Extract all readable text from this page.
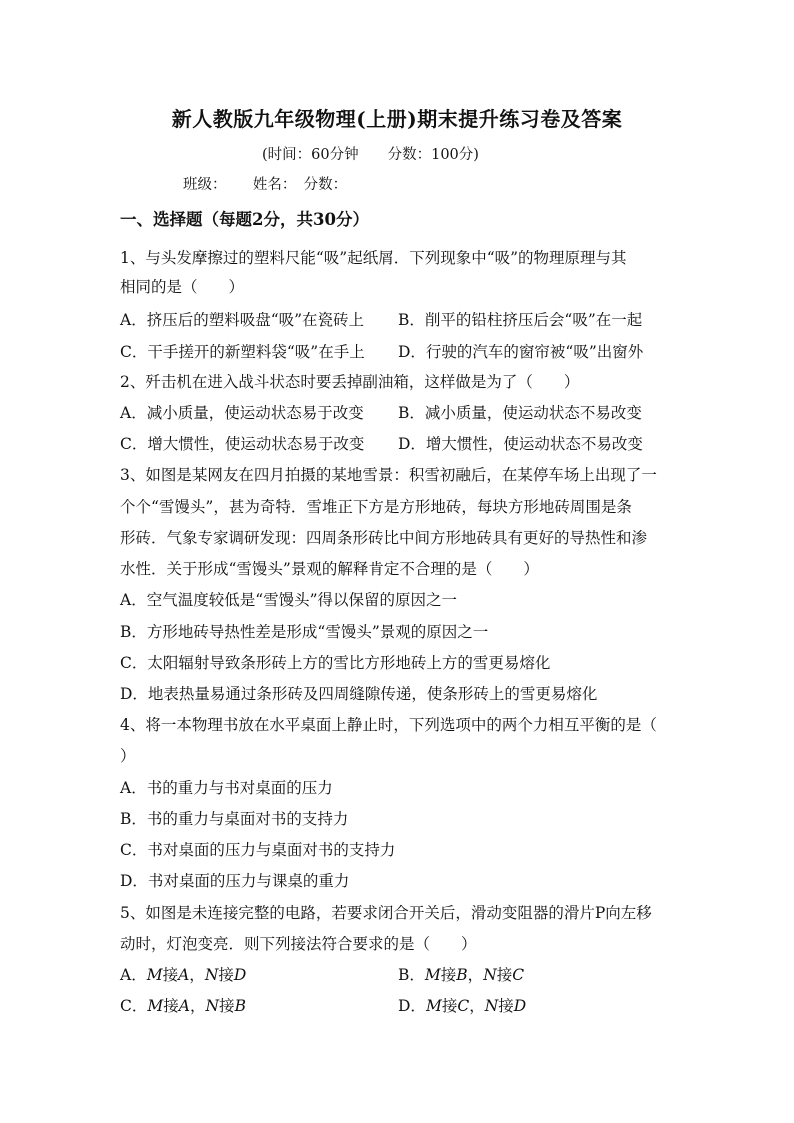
新人教版九年级物理(上册)期末提升练习卷及答案
(时间：60分钟　　分数：100分)
班级：　　 姓名：　分数：
一、选择题（每题2分，共30分）
1、与头发摩擦过的塑料尺能“吸”起纸屑．下列现象中“吸”的物理原理与其
相同的是（　　）
A．挤压后的塑料吸盘“吸”在瓷砖上 B．削平的铅柱挤压后会“吸”在一起
C．干手搓开的新塑料袋“吸”在手上 D．行驶的汽车的窗帘被“吸”出窗外
2、歼击机在进入战斗状态时要丢掉副油箱，这样做是为了（　　）
A．减小质量，使运动状态易于改变 B．减小质量，使运动状态不易改变
C．增大惯性，使运动状态易于改变 D．增大惯性，使运动状态不易改变
3、如图是某网友在四月拍摄的某地雪景：积雪初融后，在某停车场上出现了一
个个“雪馒头”，甚为奇特．雪堆正下方是方形地砖，每块方形地砖周围是条
形砖．气象专家调研发现：四周条形砖比中间方形地砖具有更好的导热性和渗
水性．关于形成“雪馒头”景观的解释肯定不合理的是（　　）
A．空气温度较低是“雪馒头”得以保留的原因之一
B．方形地砖导热性差是形成“雪馒头”景观的原因之一
C．太阳辐射导致条形砖上方的雪比方形地砖上方的雪更易熔化
D．地表热量易通过条形砖及四周缝隙传递，使条形砖上的雪更易熔化
4、将一本物理书放在水平桌面上静止时，下列选项中的两个力相互平衡的是（
）
A．书的重力与书对桌面的压力
B．书的重力与桌面对书的支持力
C．书对桌面的压力与桌面对书的支持力
D．书对桌面的压力与课桌的重力
5、如图是未连接完整的电路，若要求闭合开关后，滑动变阻器的滑片P向左移
动时，灯泡变亮．则下列接法符合要求的是（　　）
A．M接A，N接D	B．M接B，N接C
C．M接A，N接B	D．M接C，N接D
